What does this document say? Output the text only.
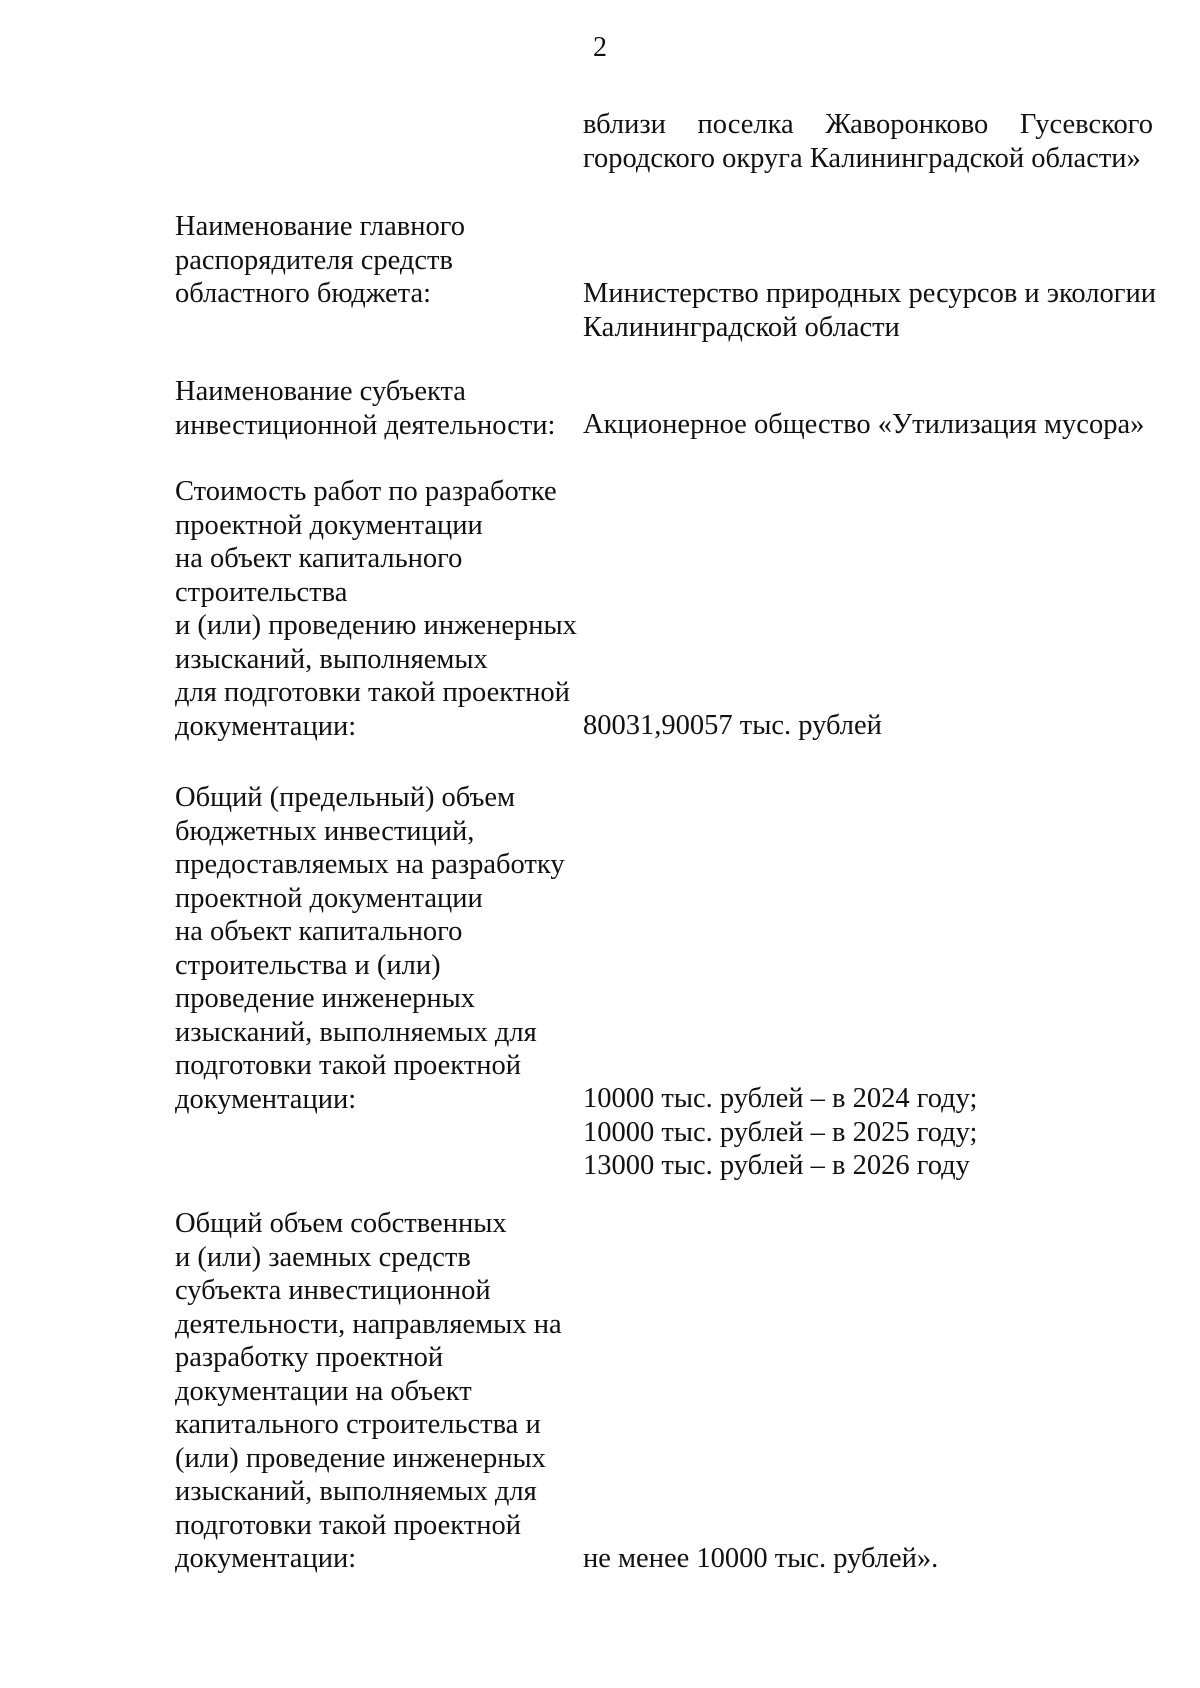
2
вблизи поселка Жаворонково Гусевского
городского округа Калининградской области»
Наименование главного
распорядителя средств
областного бюджета:	Министерство природных ресурсов и экологии
Калининградской области
Наименование субъекта
инвестиционной деятельности: Акционерное общество «Утилизация мусора»
Стоимость работ по разработке
проектной документации
на объект капитального
строительства
и (или) проведению инженерных
изысканий, выполняемых
для подготовки такой проектной
документации:	80031,90057 тыс. рублей
Общий (предельный) объем
бюджетных инвестиций,
предоставляемых на разработку
проектной документации
на объект капитального
строительства и (или)
проведение инженерных
изысканий, выполняемых для
подготовки такой проектной
документации:	10000 тыс. рублей – в 2024 году;
10000 тыс. рублей – в 2025 году;
13000 тыс. рублей – в 2026 году
Общий объем собственных
и (или) заемных средств
субъекта инвестиционной
деятельности, направляемых на
разработку проектной
документации на объект
капитального строительства и
(или) проведение инженерных
изысканий, выполняемых для
подготовки такой проектной
документации:	не менее 10000 тыс. рублей».
